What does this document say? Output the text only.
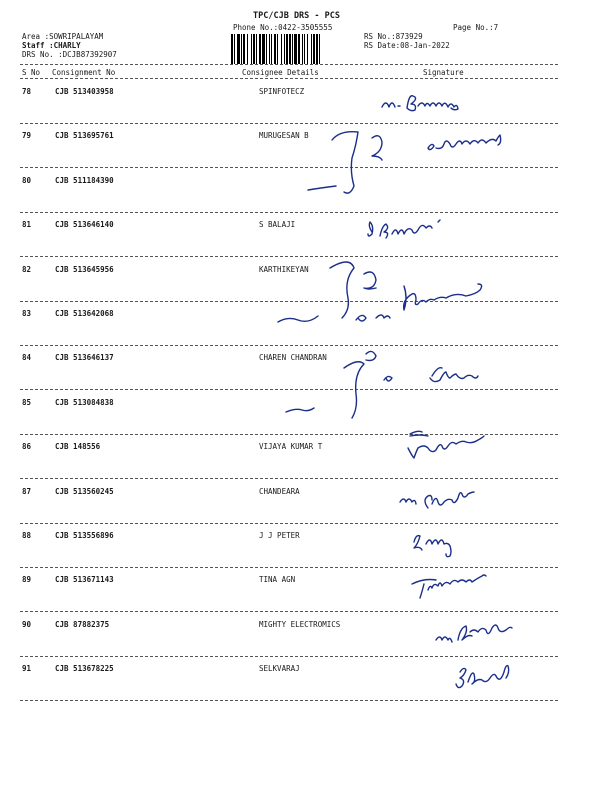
TPC/CJB DRS - PCS
Phone No.:0422-3505555	Page No.:7
Area :SOWRIPALAYAM
Staff :CHARLY
DRS No. :DCJB87392907
RS No.:873929
RS Date:08-Jan-2022
S No Consignment No	Consignee Details	Signature
78	CJB 513403958	SPINFOTECZ
79	CJB 513695761	MURUGESAN B
80	CJB 511184390
81	CJB 513646140	S BALAJI
82	CJB 513645956	KARTHIKEYAN
83	CJB 513642068
84	CJB 513646137	CHAREN CHANDRAN
85	CJB 513084838
86	CJB 148556	VIJAYA KUMAR T
87	CJB 513560245	CHANDEARA
88	CJB 513556896	J J PETER
89	CJB 513671143	TINA AGN
90	CJB 87882375	MIGHTY ELECTROMICS
91	CJB 513678225	SELKVARAJ
